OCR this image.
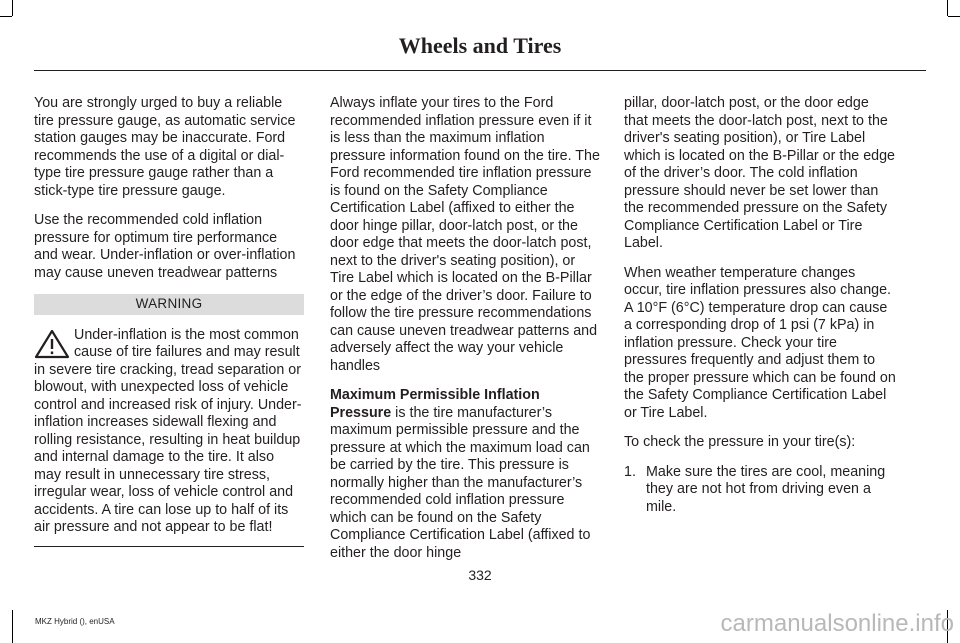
Wheels and Tires

You are strongly urged to buy a reliable tire pressure gauge, as automatic service station gauges may be inaccurate. Ford recommends the use of a digital or dial-type tire pressure gauge rather than a stick-type tire pressure gauge.

Use the recommended cold inflation pressure for optimum tire performance and wear. Under-inflation or over-inflation may cause uneven treadwear patterns

WARNING
Under-inflation is the most common cause of tire failures and may result in severe tire cracking, tread separation or blowout, with unexpected loss of vehicle control and increased risk of injury. Under-inflation increases sidewall flexing and rolling resistance, resulting in heat buildup and internal damage to the tire. It also may result in unnecessary tire stress, irregular wear, loss of vehicle control and accidents. A tire can lose up to half of its air pressure and not appear to be flat!

Always inflate your tires to the Ford recommended inflation pressure even if it is less than the maximum inflation pressure information found on the tire. The Ford recommended tire inflation pressure is found on the Safety Compliance Certification Label (affixed to either the door hinge pillar, door-latch post, or the door edge that meets the door-latch post, next to the driver's seating position), or Tire Label which is located on the B-Pillar or the edge of the driver’s door. Failure to follow the tire pressure recommendations can cause uneven treadwear patterns and adversely affect the way your vehicle handles

Maximum Permissible Inflation Pressure is the tire manufacturer’s maximum permissible pressure and the pressure at which the maximum load can be carried by the tire. This pressure is normally higher than the manufacturer’s recommended cold inflation pressure which can be found on the Safety Compliance Certification Label (affixed to either the door hinge

pillar, door-latch post, or the door edge that meets the door-latch post, next to the driver's seating position), or Tire Label which is located on the B-Pillar or the edge of the driver’s door. The cold inflation pressure should never be set lower than the recommended pressure on the Safety Compliance Certification Label or Tire Label.

When weather temperature changes occur, tire inflation pressures also change. A 10°F (6°C) temperature drop can cause a corresponding drop of 1 psi (7 kPa) in inflation pressure. Check your tire pressures frequently and adjust them to the proper pressure which can be found on the Safety Compliance Certification Label or Tire Label.

To check the pressure in your tire(s):

1. Make sure the tires are cool, meaning they are not hot from driving even a mile.
332
MKZ Hybrid (), enUSA	carmanualsonline.info
